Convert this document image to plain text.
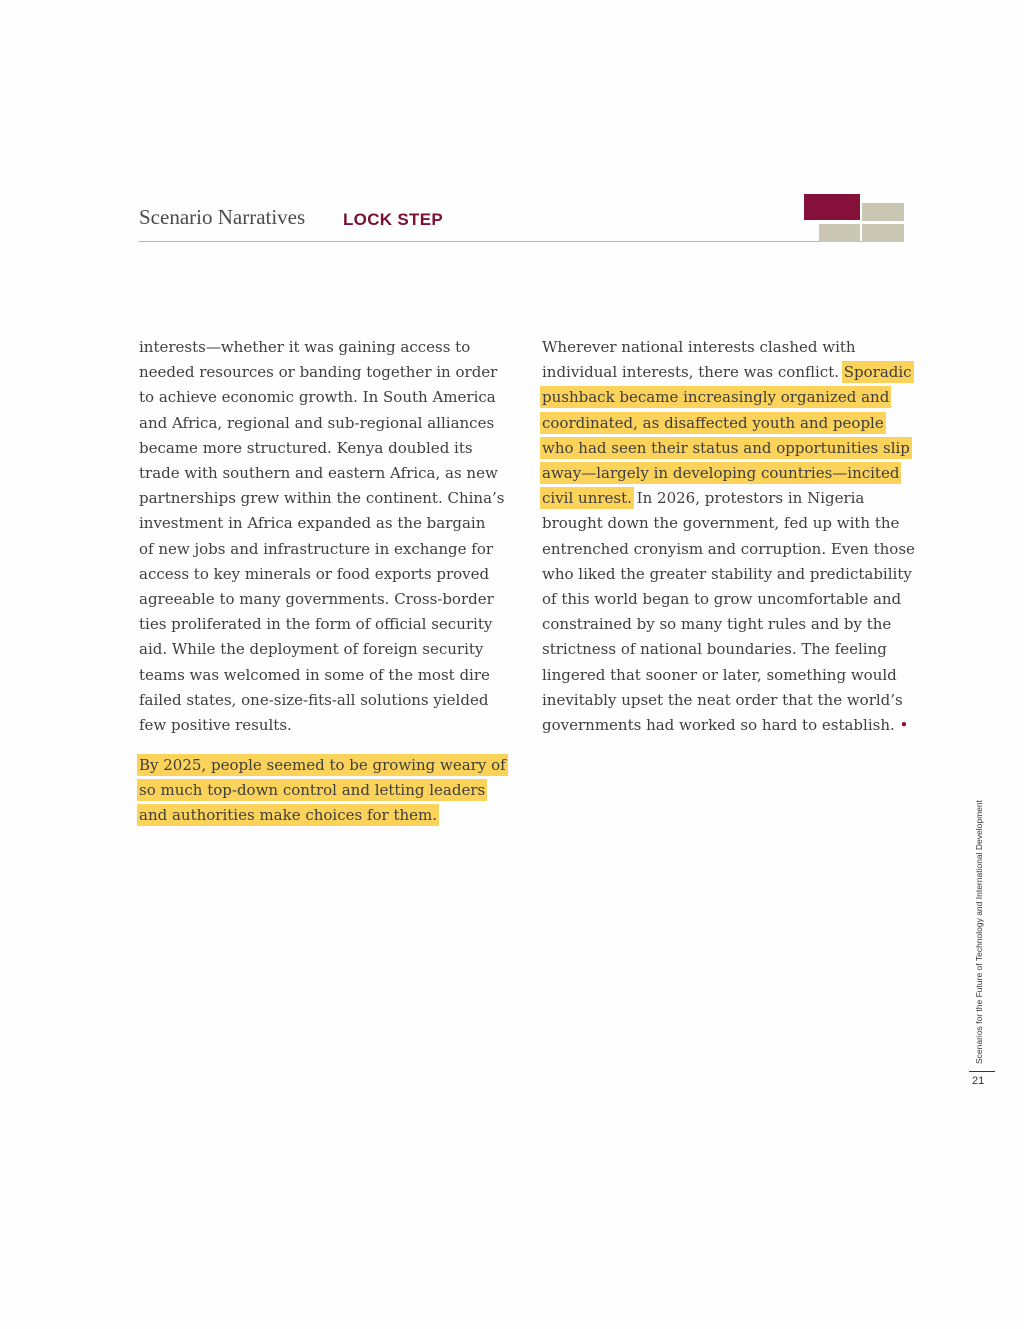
Scenario Narratives LOCK STEP
interests—whether it was gaining access to
needed resources or banding together in order
to achieve economic growth. In South America
and Africa, regional and sub-regional alliances
became more structured. Kenya doubled its
trade with southern and eastern Africa, as new
partnerships grew within the continent. China’s
investment in Africa expanded as the bargain
of new jobs and infrastructure in exchange for
access to key minerals or food exports proved
agreeable to many governments. Cross-border
ties proliferated in the form of official security
aid. While the deployment of foreign security
teams was welcomed in some of the most dire
failed states, one-size-fits-all solutions yielded
few positive results.
By 2025, people seemed to be growing weary of
so much top-down control and letting leaders
and authorities make choices for them.
Wherever national interests clashed with
individual interests, there was conflict. Sporadic
pushback became increasingly organized and
coordinated, as disaffected youth and people
who had seen their status and opportunities slip
away—largely in developing countries—incited
civil unrest. In 2026, protestors in Nigeria
brought down the government, fed up with the
entrenched cronyism and corruption. Even those
who liked the greater stability and predictability
of this world began to grow uncomfortable and
constrained by so many tight rules and by the
strictness of national boundaries. The feeling
lingered that sooner or later, something would
inevitably upset the neat order that the world’s
governments had worked so hard to establish. •
Scenarios for the Future of Technology and International Development
21
